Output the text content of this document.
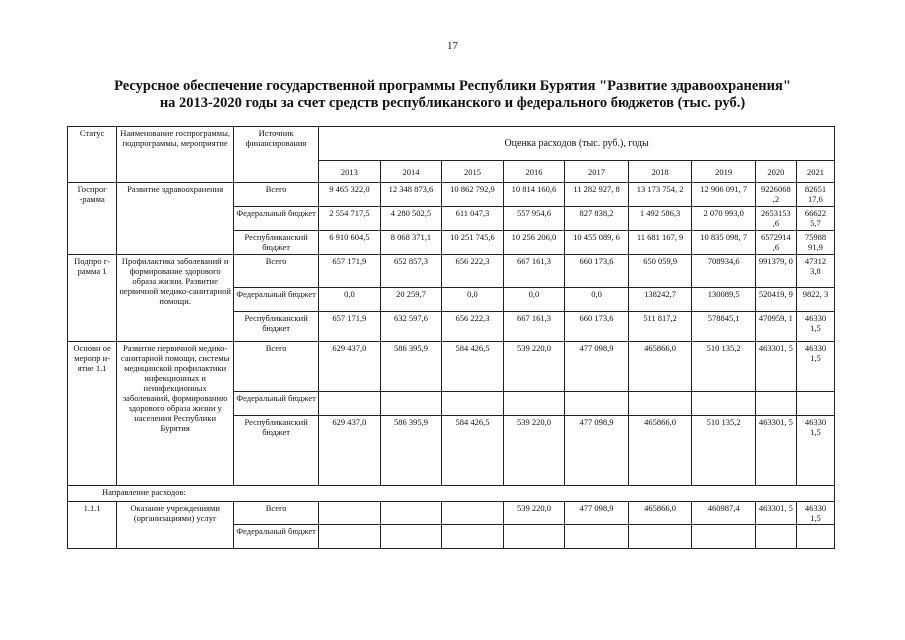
17
Ресурсное обеспечение государственной программы Республики Бурятия "Развитие здравоохранения"
на 2013-2020 годы за счет средств республиканского и федерального бюджетов (тыс. руб.)
Статус	Наименование госпрограммы, подпрограммы, мероприятие	Источник финансирования	Оценка расходов (тыс. руб.), годы								
			2013	2014	2015	2016	2017	2018	2019	2020	2021
Госпрог -рамма	Развитие здравоохранения	Всего	9 465 322,0	12 348 873,6	10 862 792,9	10 814 160,6	11 282 927, 8	13 173 754, 2	12 906 091, 7	9226068 ,2	82651 17,6
		Федеральный бюджет	2 554 717,5	4 280 502,5	611 047,3	557 954,6	827 838,2	1 492 586,3	2 070 993,0	2653153 ,6	66622 5,7
		Республиканский бюджет	6 910 604,5	8 068 371,1	10 251 745,6	10 256 206,0	10 455 089, 6	11 681 167, 9	10 835 098, 7	6572914 ,6	75988 91,9
Подпро г-рамма 1	Профилактика заболеваний и формирование здорового образа жизни. Развитие первичной медико-санитарной помощи.	Всего	657 171,9	652 857,3	656 222,3	667 161,3	660 173,6	650 059,9	708934,6	991379, 0	47312 3,8
		Федеральный бюджет	0,0	20 259,7	0,0	0,0	0,0	138242,7	130089,5	520419, 9	9822, 3
		Республиканский бюджет	657 171,9	632 597,6	656 222,3	667 161,3	660 173,6	511 817,2	578845,1	470959, 1	46330 1,5
Основн ое меропр и-ятие 1.1	Развитие первичной медико-санитарной помощи, системы медицинской профилактики инфекционных и неинфекционных заболеваний, формированию здорового образа жизни у населения Республики Бурятия	Всего	629 437,0	586 395,9	584 426,5	539 220,0	477 098,9	465866,0	510 135,2	463301, 5	46330 1,5
		Федеральный бюджет									
		Республиканский бюджет	629 437,0	586 395,9	584 426,5	539 220,0	477 098,9	465866,0	510 135,2	463301, 5	46330 1,5
Направление расходов:											
1.1.1	Оказание учреждениями (организациями) услуг	Всего				539 220,0	477 098,9	465866,0	460987,4	463301, 5	46330 1,5
		Федеральный бюджет									
